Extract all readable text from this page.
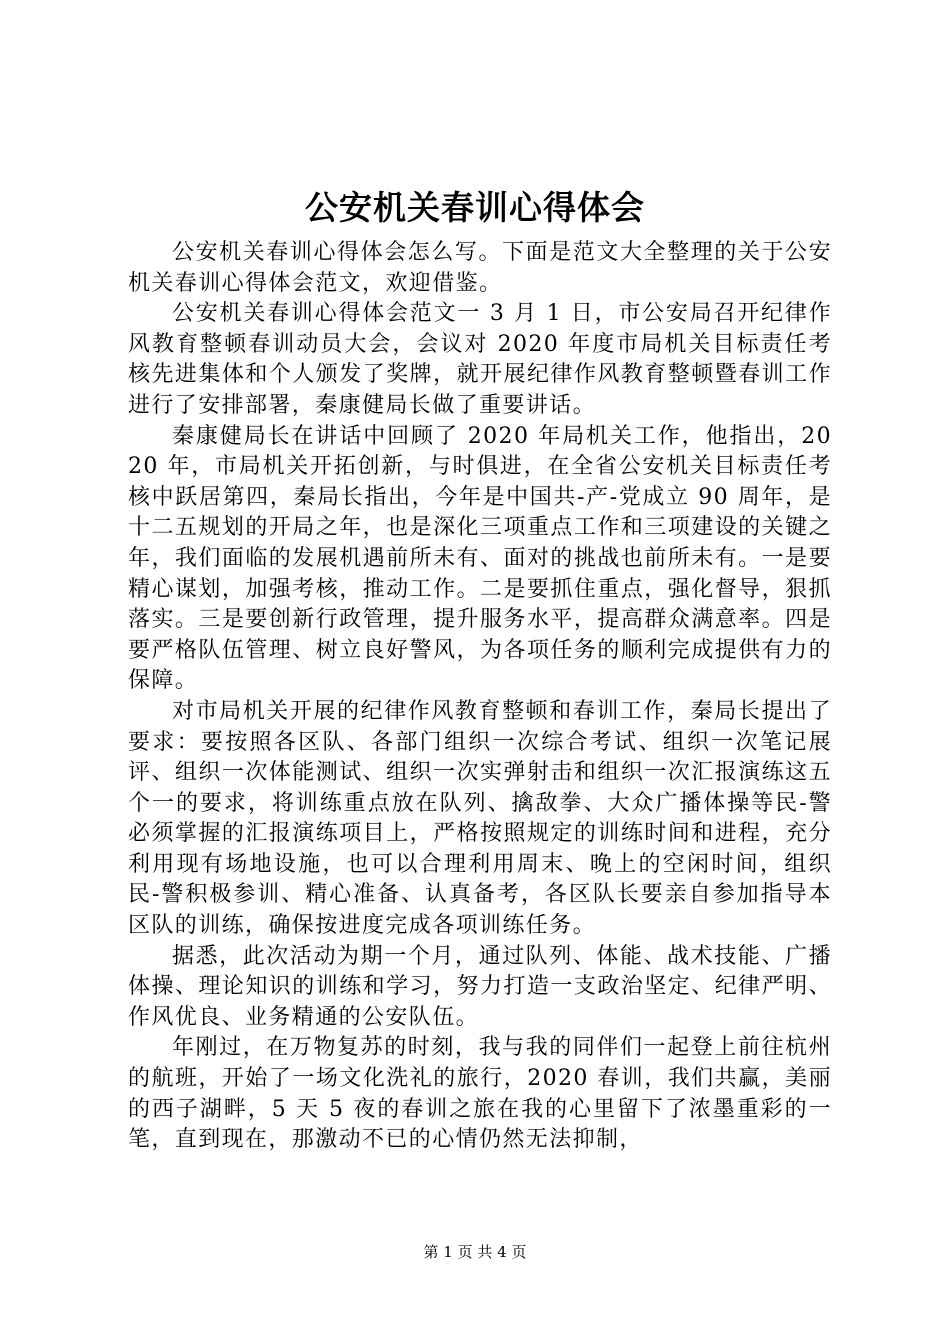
公安机关春训心得体会

公安机关春训心得体会怎么写。下面是范文大全整理的关于公安机关春训心得体会范文，欢迎借鉴。

公安机关春训心得体会范文一 3 月 1 日，市公安局召开纪律作风教育整顿春训动员大会，会议对 2020 年度市局机关目标责任考核先进集体和个人颁发了奖牌，就开展纪律作风教育整顿暨春训工作进行了安排部署，秦康健局长做了重要讲话。

秦康健局长在讲话中回顾了 2020 年局机关工作，他指出，2020 年，市局机关开拓创新，与时俱进，在全省公安机关目标责任考核中跃居第四，秦局长指出，今年是中国共-产-党成立 90 周年，是十二五规划的开局之年，也是深化三项重点工作和三项建设的关键之年，我们面临的发展机遇前所未有、面对的挑战也前所未有。一是要精心谋划，加强考核，推动工作。二是要抓住重点，强化督导，狠抓落实。三是要创新行政管理，提升服务水平，提高群众满意率。四是要严格队伍管理、树立良好警风，为各项任务的顺利完成提供有力的保障。

对市局机关开展的纪律作风教育整顿和春训工作，秦局长提出了要求：要按照各区队、各部门组织一次综合考试、组织一次笔记展评、组织一次体能测试、组织一次实弹射击和组织一次汇报演练这五个一的要求，将训练重点放在队列、擒敌拳、大众广播体操等民-警必须掌握的汇报演练项目上，严格按照规定的训练时间和进程，充分利用现有场地设施，也可以合理利用周末、晚上的空闲时间，组织民-警积极参训、精心准备、认真备考，各区队长要亲自参加指导本区队的训练，确保按进度完成各项训练任务。

据悉，此次活动为期一个月，通过队列、体能、战术技能、广播体操、理论知识的训练和学习，努力打造一支政治坚定、纪律严明、作风优良、业务精通的公安队伍。

年刚过，在万物复苏的时刻，我与我的同伴们一起登上前往杭州的航班，开始了一场文化洗礼的旅行，2020 春训，我们共赢，美丽的西子湖畔，5 天 5 夜的春训之旅在我的心里留下了浓墨重彩的一笔，直到现在，那激动不已的心情仍然无法抑制，

第 1 页 共 4 页
